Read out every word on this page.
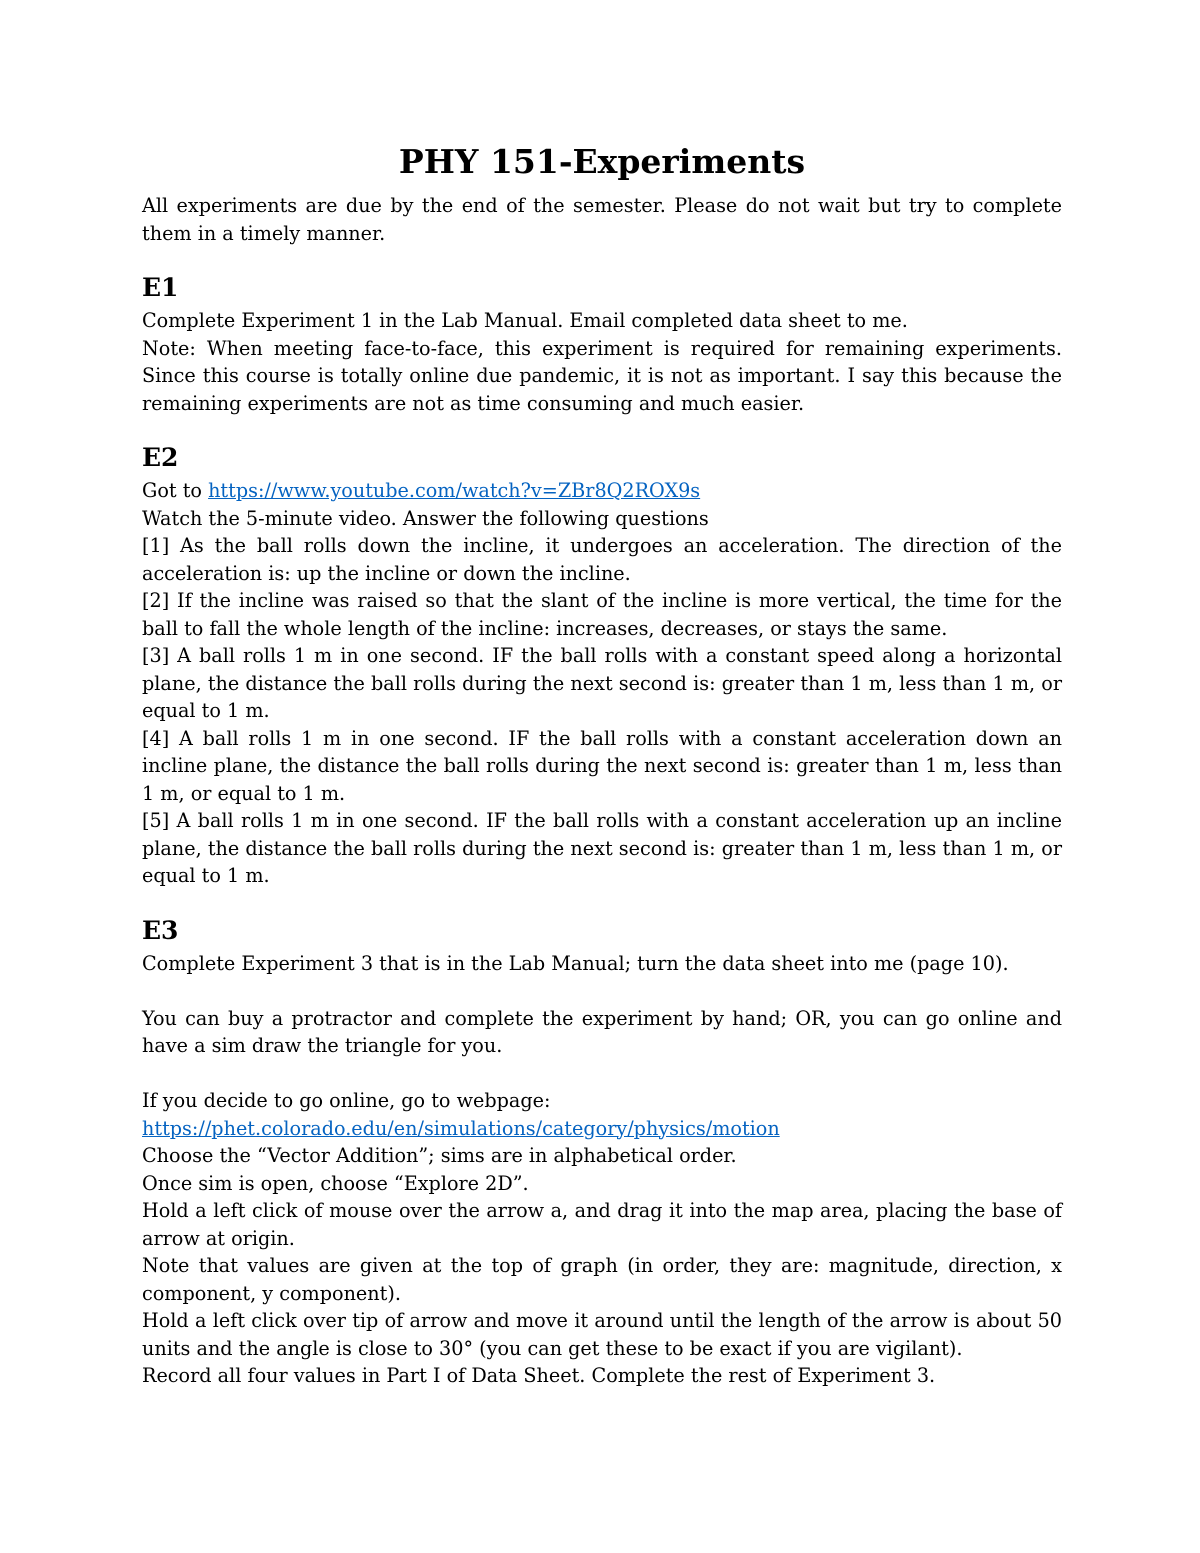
PHY 151-Experiments

All experiments are due by the end of the semester. Please do not wait but try to complete them in a timely manner.

E1

Complete Experiment 1 in the Lab Manual. Email completed data sheet to me.

Note: When meeting face-to-face, this experiment is required for remaining experiments. Since this course is totally online due pandemic, it is not as important. I say this because the remaining experiments are not as time consuming and much easier.

E2

Got to https://www.youtube.com/watch?v=ZBr8Q2ROX9s

Watch the 5-minute video. Answer the following questions

[1] As the ball rolls down the incline, it undergoes an acceleration. The direction of the acceleration is: up the incline or down the incline.

[2] If the incline was raised so that the slant of the incline is more vertical, the time for the ball to fall the whole length of the incline: increases, decreases, or stays the same.

[3] A ball rolls 1 m in one second. IF the ball rolls with a constant speed along a horizontal plane, the distance the ball rolls during the next second is: greater than 1 m, less than 1 m, or equal to 1 m.

[4] A ball rolls 1 m in one second. IF the ball rolls with a constant acceleration down an incline plane, the distance the ball rolls during the next second is: greater than 1 m, less than 1 m, or equal to 1 m.

[5] A ball rolls 1 m in one second. IF the ball rolls with a constant acceleration up an incline plane, the distance the ball rolls during the next second is: greater than 1 m, less than 1 m, or equal to 1 m.

E3

Complete Experiment 3 that is in the Lab Manual; turn the data sheet into me (page 10).

You can buy a protractor and complete the experiment by hand; OR, you can go online and have a sim draw the triangle for you.

If you decide to go online, go to webpage:

https://phet.colorado.edu/en/simulations/category/physics/motion

Choose the “Vector Addition”; sims are in alphabetical order.

Once sim is open, choose “Explore 2D”.

Hold a left click of mouse over the arrow a, and drag it into the map area, placing the base of arrow at origin.

Note that values are given at the top of graph (in order, they are: magnitude, direction, x component, y component).

Hold a left click over tip of arrow and move it around until the length of the arrow is about 50 units and the angle is close to 30° (you can get these to be exact if you are vigilant).

Record all four values in Part I of Data Sheet. Complete the rest of Experiment 3.
